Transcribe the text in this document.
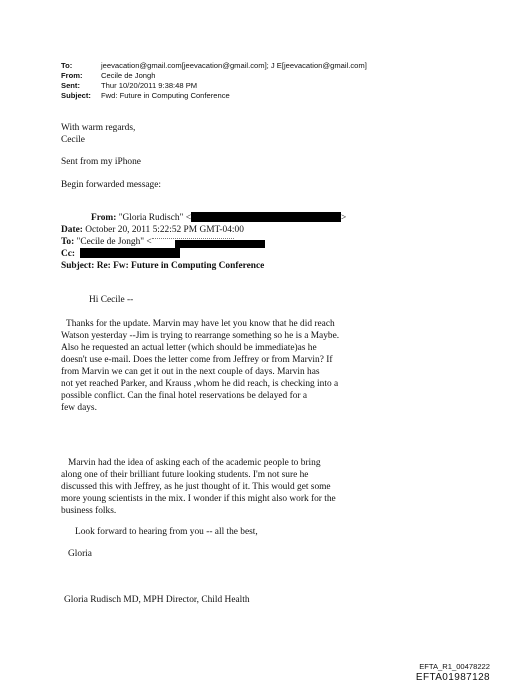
To:	jeevacation@gmail.com[jeevacation@gmail.com]; J E[jeevacation@gmail.com]
From:	Cecile de Jongh
Sent:	Thur 10/20/2011 9:38:48 PM
Subject:	Fwd: Future in Computing Conference
With warm regards,
Cecile
Sent from my iPhone
Begin forwarded message:
From: "Gloria Rudisch" <	>
Date: October 20, 2011 5:22:52 PM GMT-04:00
To: "Cecile de Jongh" <
Cc:
Subject: Re: Fw: Future in Computing Conference
Hi Cecile --
Thanks for the update. Marvin may have let you know that he did reach
Watson yesterday --Jim is trying to rearrange something so he is a Maybe.
Also he requested an actual letter (which should be immediate)as he
doesn't use e-mail. Does the letter come from Jeffrey or from Marvin? If
from Marvin we can get it out in the next couple of days. Marvin has
not yet reached Parker, and Krauss ,whom he did reach, is checking into a
possible conflict. Can the final hotel reservations be delayed for a
few days.
Marvin had the idea of asking each of the academic people to bring
along one of their brilliant future looking students. I'm not sure he
discussed this with Jeffrey, as he just thought of it. This would get some
more young scientists in the mix. I wonder if this might also work for the
business folks.
Look forward to hearing from you -- all the best,
Gloria
Gloria Rudisch MD, MPH Director, Child Health
EFTA_R1_00478222
EFTA01987128
